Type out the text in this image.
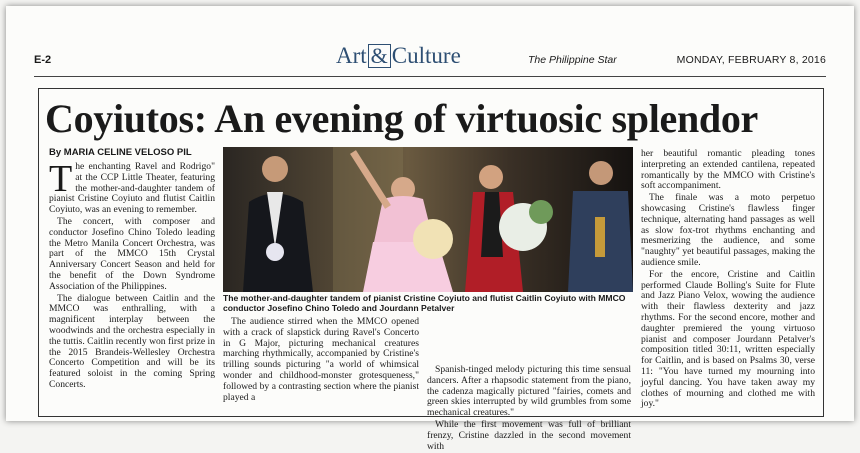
E-2	Art & Culture	The Philippine Star	MONDAY, FEBRUARY 8, 2016
Coyiutos: An evening of virtuosic splendor
By MARIA CELINE VELOSO PIL

The enchanting Ravel and Rodrigo" at the CCP Little Theater, featuring the mother-and-daughter tandem of pianist Cristine Coyiuto and flutist Caitlin Coyiuto, was an evening to remember.

The concert, with composer and conductor Josefino Chino Toledo leading the Metro Manila Concert Orchestra, was part of the MMCO 15th Crystal Anniversary Concert Season and held for the benefit of the Down Syndrome Association of the Philippines.

The dialogue between Caitlin and the MMCO was enthralling, with a magnificent interplay between the woodwinds and the orchestra especially in the tuttis. Caitlin recently won first prize in the 2015 Brandeis-Wellesley Orchestra Concerto Competition and will be its featured soloist in the coming Spring Concerts.

The mother-and-daughter tandem of pianist Cristine Coyiuto and flutist Caitlin Coyiuto with MMCO conductor Josefino Chino Toledo and Jourdann Petalver

The audience stirred when the MMCO opened with a crack of slapstick during Ravel's Concerto in G Major, picturing mechanical creatures marching rhythmically, accompanied by Cristine's trilling sounds picturing "a world of whimsical wonder and childhood-monster grotesqueness," followed by a contrasting section where the pianist played a

Spanish-tinged melody picturing this time sensual dancers. After a rhapsodic statement from the piano, the cadenza magically pictured "fairies, comets and green skies interrupted by wild grumbles from some mechanical creatures."

While the first movement was full of brilliant frenzy, Cristine dazzled in the second movement with

her beautiful romantic pleading tones interpreting an extended cantilena, repeated romantically by the MMCO with Cristine's soft accompaniment.

The finale was a moto perpetuo showcasing Cristine's flawless finger technique, alternating hand passages as well as slow fox-trot rhythms enchanting and mesmerizing the audience, and some "naughty" yet beautiful passages, making the audience smile.

For the encore, Cristine and Caitlin performed Claude Bolling's Suite for Flute and Jazz Piano Velox, wowing the audience with their flawless dexterity and jazz rhythms. For the second encore, mother and daughter premiered the young virtuoso pianist and composer Jourdann Petalver's composition titled 30:11, written especially for Caitlin, and is based on Psalms 30, verse 11: "You have turned my mourning into joyful dancing. You have taken away my clothes of mourning and clothed me with joy."
